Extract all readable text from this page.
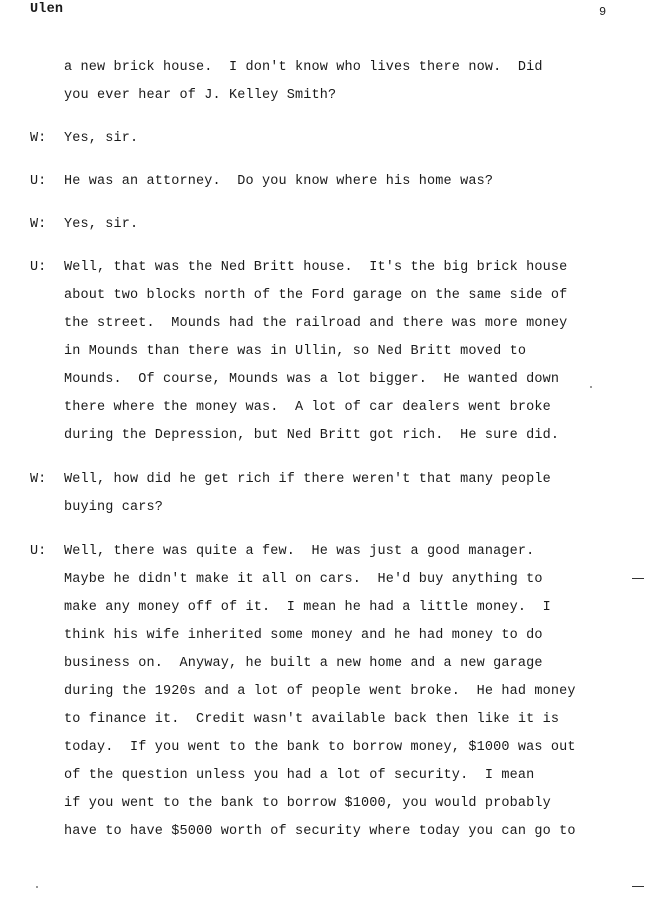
Ulen	9
a new brick house.  I don't know who lives there now.  Did
you ever hear of J. Kelley Smith?
W: Yes, sir.
U: He was an attorney.  Do you know where his home was?
W: Yes, sir.
U: Well, that was the Ned Britt house.  It's the big brick house
about two blocks north of the Ford garage on the same side of
the street.  Mounds had the railroad and there was more money
in Mounds than there was in Ullin, so Ned Britt moved to
Mounds.  Of course, Mounds was a lot bigger.  He wanted down
there where the money was.  A lot of car dealers went broke
during the Depression, but Ned Britt got rich.  He sure did.
W: Well, how did he get rich if there weren't that many people
buying cars?
U: Well, there was quite a few.  He was just a good manager.
Maybe he didn't make it all on cars.  He'd buy anything to
make any money off of it.  I mean he had a little money.  I
think his wife inherited some money and he had money to do
business on.  Anyway, he built a new home and a new garage
during the 1920s and a lot of people went broke.  He had money
to finance it.  Credit wasn't available back then like it is
today.  If you went to the bank to borrow money, $1000 was out
of the question unless you had a lot of security.  I mean
if you went to the bank to borrow $1000, you would probably
have to have $5000 worth of security where today you can go to
